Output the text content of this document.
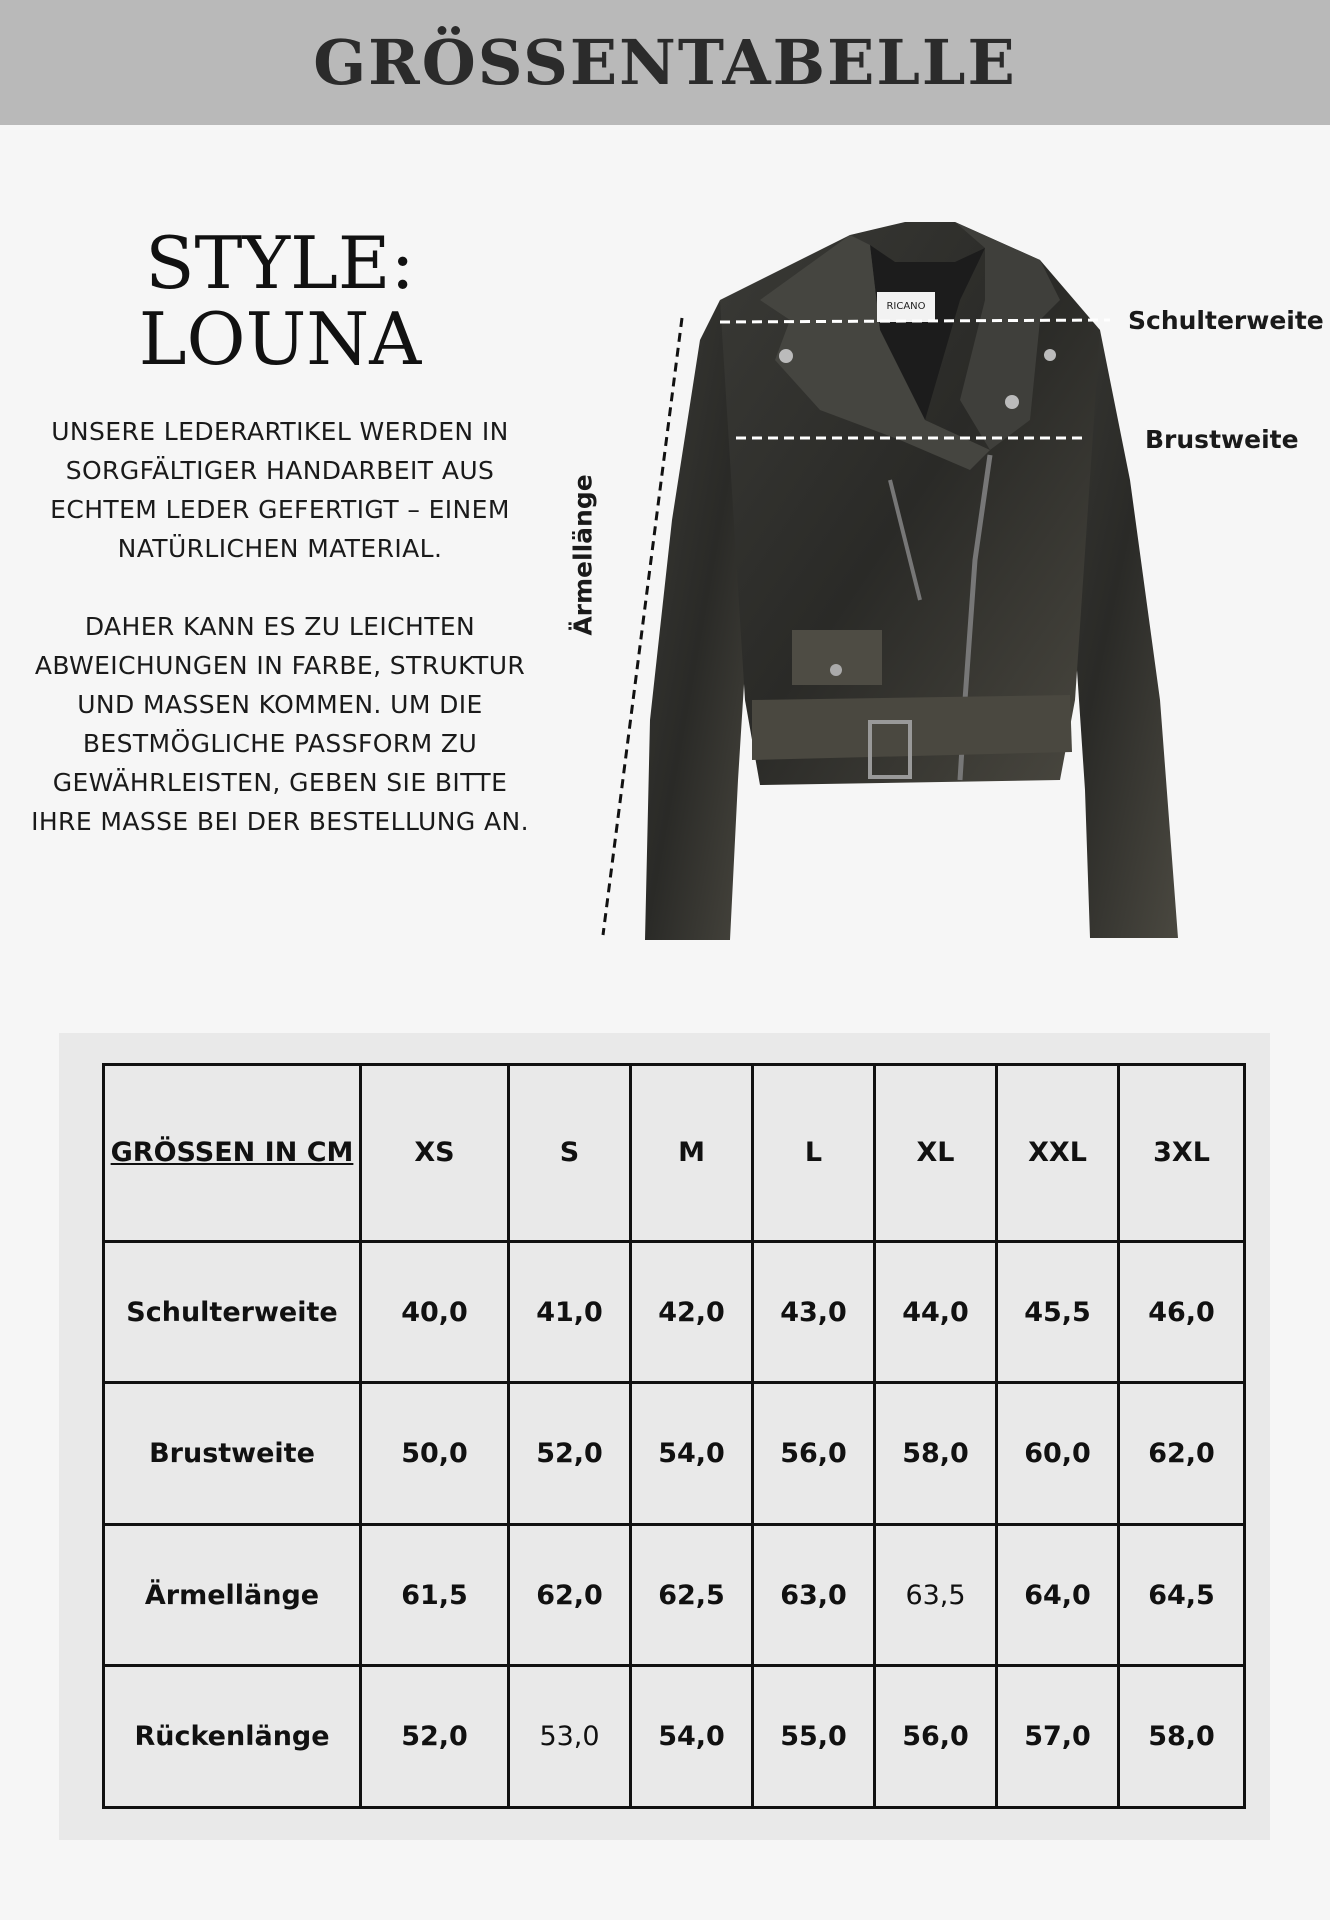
GRÖSSENTABELLE
STYLE:
LOUNA

UNSERE LEDERARTIKEL WERDEN IN SORGFÄLTIGER HANDARBEIT AUS ECHTEM LEDER GEFERTIGT – EINEM NATÜRLICHEN MATERIAL.

DAHER KANN ES ZU LEICHTEN ABWEICHUNGEN IN FARBE, STRUKTUR UND MASSEN KOMMEN. UM DIE BESTMÖGLICHE PASSFORM ZU GEWÄHRLEISTEN, GEBEN SIE BITTE IHRE MASSE BEI DER BESTELLUNG AN.

RICANO	Schulterweite
Brustweite
Ärmellänge
GRÖSSEN IN CM	XS	S	M	L	XL	XXL	3XL
Schulterweite	40,0	41,0	42,0	43,0	44,0	45,5	46,0
Brustweite	50,0	52,0	54,0	56,0	58,0	60,0	62,0
Ärmellänge	61,5	62,0	62,5	63,0	63,5	64,0	64,5
Rückenlänge	52,0	53,0	54,0	55,0	56,0	57,0	58,0
